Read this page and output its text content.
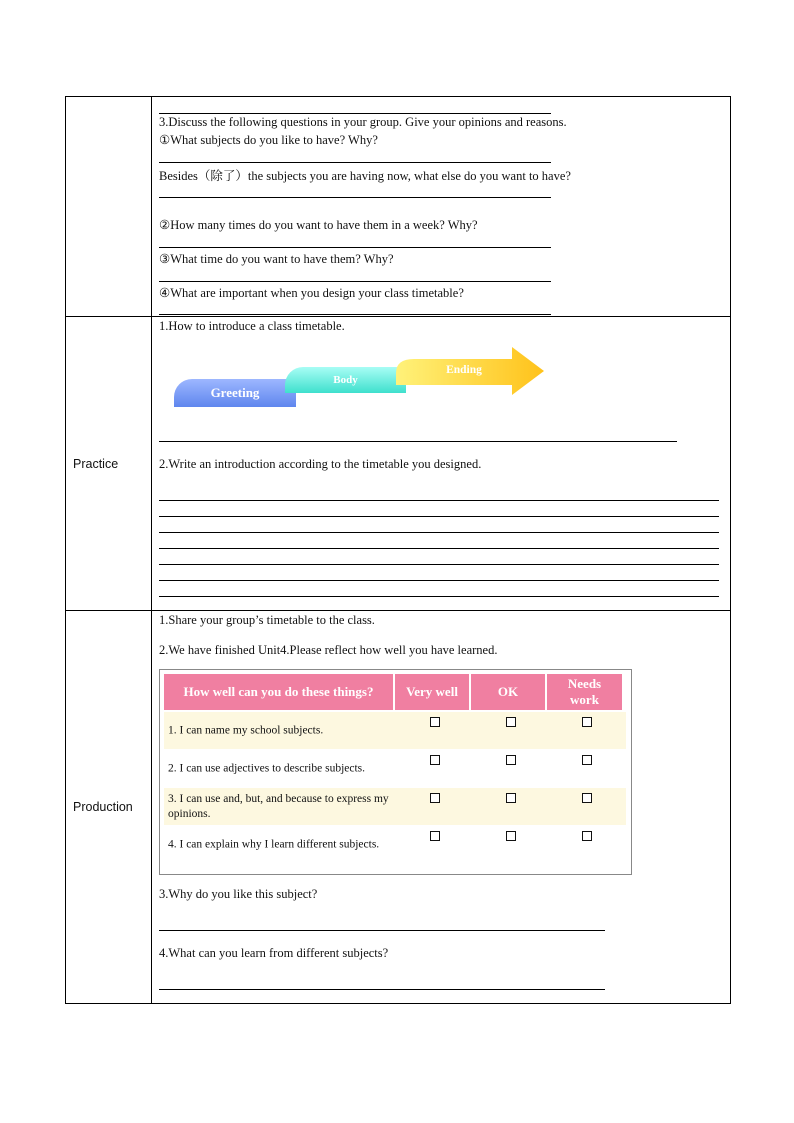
3.Discuss the following questions in your group. Give your opinions and reasons.
①What subjects do you like to have? Why?
Besides（除了）the subjects you are having now, what else do you want to have?
②How many times do you want to have them in a week? Why?
③What time do you want to have them? Why?
④What are important when you design your class timetable?
Practice
1.How to introduce a class timetable.
Greeting
Body
Ending
2.Write an introduction according to the timetable you designed.
Production
1.Share your group’s timetable to the class.
2.We have finished Unit4.Please reflect how well you have learned.
How well can you do these things?	Very well	OK
Needs work
1. I can name my school subjects.
2. I can use adjectives to describe subjects.
3. I can use and, but, and because to express my opinions.
4. I can explain why I learn different subjects.
3.Why do you like this subject?
4.What can you learn from different subjects?
